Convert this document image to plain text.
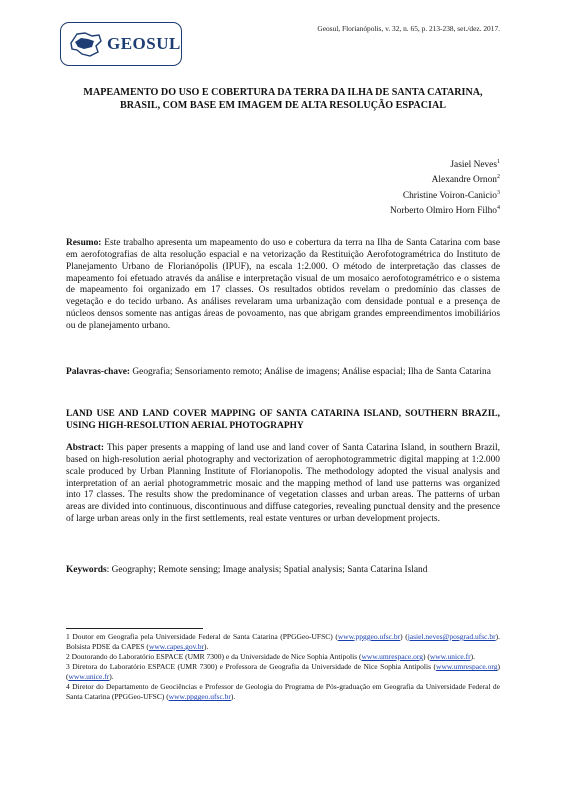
GEOSUL
Geosul, Florianópolis, v. 32, n. 65, p. 213-238, set./dez. 2017.
MAPEAMENTO DO USO E COBERTURA DA TERRA DA ILHA DE SANTA CATARINA, BRASIL, COM BASE EM IMAGEM DE ALTA RESOLUÇÃO ESPACIAL
Jasiel Neves$^1$
Alexandre Ornon$^2$
Christine Voiron-Canicio$^3$
Norberto Olmiro Horn Filho$^4$
Resumo: Este trabalho apresenta um mapeamento do uso e cobertura da terra na Ilha de Santa Catarina com base em aerofotografias de alta resolução espacial e na vetorização da Restituição Aerofotogramétrica do Instituto de Planejamento Urbano de Florianópolis (IPUF), na escala 1:2.000. O método de interpretação das classes de mapeamento foi efetuado através da análise e interpretação visual de um mosaico aerofotogramétrico e o sistema de mapeamento foi organizado em 17 classes. Os resultados obtidos revelam o predomínio das classes de vegetação e do tecido urbano. As análises revelaram uma urbanização com densidade pontual e a presença de núcleos densos somente nas antigas áreas de povoamento, nas que abrigam grandes empreendimentos imobiliários ou de planejamento urbano.
Palavras-chave: Geografia; Sensoriamento remoto; Análise de imagens; Análise espacial; Ilha de Santa Catarina
LAND USE AND LAND COVER MAPPING OF SANTA CATARINA ISLAND, SOUTHERN BRAZIL, USING HIGH-RESOLUTION AERIAL PHOTOGRAPHY
Abstract: This paper presents a mapping of land use and land cover of Santa Catarina Island, in southern Brazil, based on high-resolution aerial photography and vectorization of aerophotogrammetric digital mapping at 1:2.000 scale produced by Urban Planning Institute of Florianopolis. The methodology adopted the visual analysis and interpretation of an aerial photogrammetric mosaic and the mapping method of land use patterns was organized into 17 classes. The results show the predominance of vegetation classes and urban areas. The patterns of urban areas are divided into continuous, discontinuous and diffuse categories, revealing punctual density and the presence of large urban areas only in the first settlements, real estate ventures or urban development projects.
Keywords: Geography; Remote sensing; Image analysis; Spatial analysis; Santa Catarina Island

1 Doutor em Geografia pela Universidade Federal de Santa Catarina (PPGGeo-UFSC) (www.ppggeo.ufsc.br) (jasiel.neves@posgrad.ufsc.br). Bolsista PDSE da CAPES (www.capes.gov.br).

2 Doutorando do Laboratório ESPACE (UMR 7300) e da Universidade de Nice Sophia Antipolis (www.umrespace.org) (www.unice.fr).

3 Diretora do Laboratório ESPACE (UMR 7300) e Professora de Geografia da Universidade de Nice Sophia Antipolis (www.umrespace.org) (www.unice.fr).

4 Diretor do Departamento de Geociências e Professor de Geologia do Programa de Pós-graduação em Geografia da Universidade Federal de Santa Catarina (PPGGeo-UFSC) (www.ppggeo.ufsc.br).
